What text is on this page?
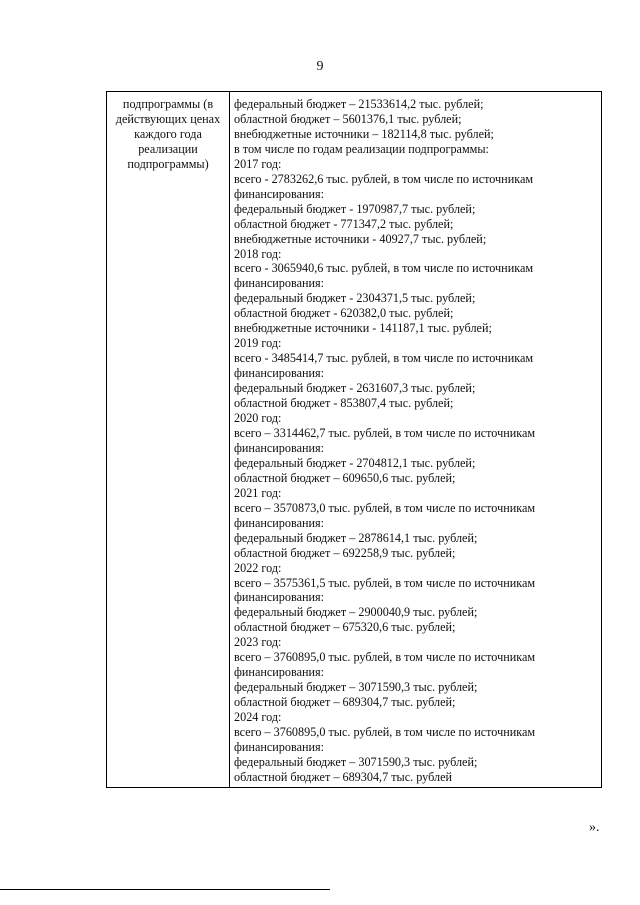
9
подпрограммы (в
действующих ценах
каждого года
реализации
подпрограммы)
федеральный бюджет – 21533614,2 тыс. рублей;
областной бюджет – 5601376,1 тыс. рублей;
внебюджетные источники – 182114,8 тыс. рублей;
в том числе по годам реализации подпрограммы:
2017 год:
всего - 2783262,6 тыс. рублей, в том числе по источникам
финансирования:
федеральный бюджет - 1970987,7 тыс. рублей;
областной бюджет - 771347,2 тыс. рублей;
внебюджетные источники - 40927,7 тыс. рублей;
2018 год:
всего - 3065940,6 тыс. рублей, в том числе по источникам
финансирования:
федеральный бюджет - 2304371,5 тыс. рублей;
областной бюджет - 620382,0 тыс. рублей;
внебюджетные источники - 141187,1 тыс. рублей;
2019 год:
всего - 3485414,7 тыс. рублей, в том числе по источникам
финансирования:
федеральный бюджет - 2631607,3 тыс. рублей;
областной бюджет - 853807,4 тыс. рублей;
2020 год:
всего – 3314462,7 тыс. рублей, в том числе по источникам
финансирования:
федеральный бюджет - 2704812,1 тыс. рублей;
областной бюджет – 609650,6 тыс. рублей;
2021 год:
всего – 3570873,0 тыс. рублей, в том числе по источникам
финансирования:
федеральный бюджет – 2878614,1 тыс. рублей;
областной бюджет – 692258,9 тыс. рублей;
2022 год:
всего – 3575361,5 тыс. рублей, в том числе по источникам
финансирования:
федеральный бюджет – 2900040,9 тыс. рублей;
областной бюджет – 675320,6 тыс. рублей;
2023 год:
всего – 3760895,0 тыс. рублей, в том числе по источникам
финансирования:
федеральный бюджет – 3071590,3 тыс. рублей;
областной бюджет – 689304,7 тыс. рублей;
2024 год:
всего – 3760895,0 тыс. рублей, в том числе по источникам
финансирования:
федеральный бюджет – 3071590,3 тыс. рублей;
областной бюджет – 689304,7 тыс. рублей
».
